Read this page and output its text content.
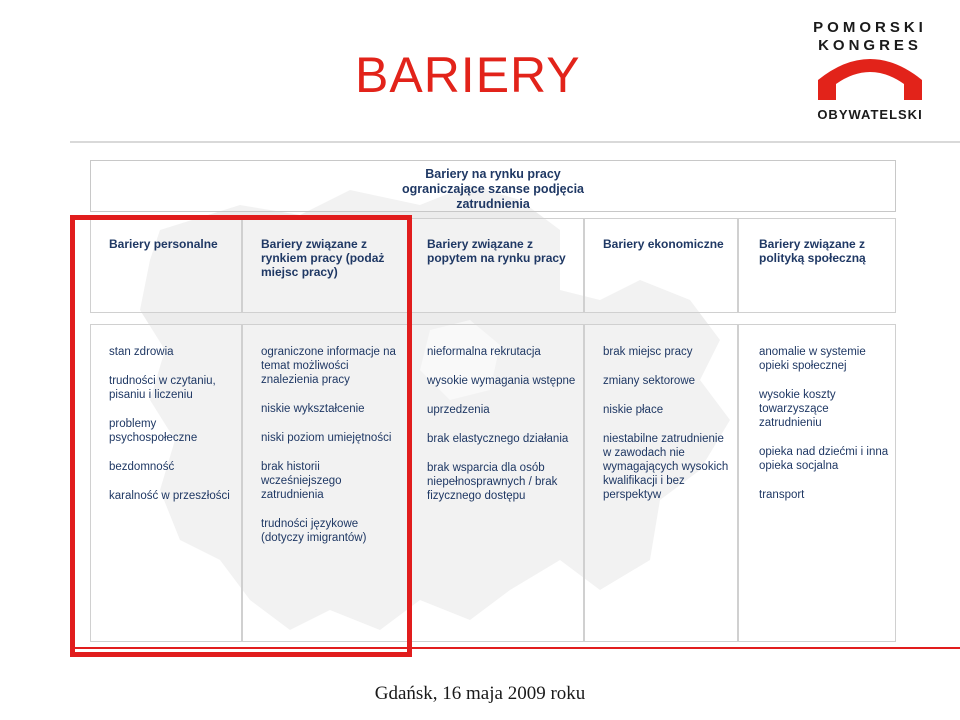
BARIERY
POMORSKI
KONGRES
OBYWATELSKI
Bariery na rynku pracy ograniczające szanse podjęcia zatrudnienia
Bariery personalne	Bariery związane z rynkiem pracy (podaż miejsc pracy)
Bariery związane z popytem na rynku pracy
Bariery ekonomiczne	Bariery związane z polityką społeczną
stan zdrowia
trudności w czytaniu, pisaniu i liczeniu
problemy psychospołeczne
bezdomność
karalność w przeszłości
ograniczone informacje na temat możliwości znalezienia pracy
niskie wykształcenie
niski poziom umiejętności
brak historii wcześniejszego zatrudnienia
trudności językowe (dotyczy imigrantów)
nieformalna rekrutacja
wysokie wymagania wstępne
uprzedzenia
brak elastycznego działania
brak wsparcia dla osób niepełnosprawnych / brak fizycznego dostępu
brak miejsc pracy
zmiany sektorowe
niskie płace
niestabilne zatrudnienie w zawodach nie wymagających wysokich kwalifikacji i bez perspektyw
anomalie w systemie opieki społecznej
wysokie koszty towarzyszące zatrudnieniu
opieka nad dziećmi i inna opieka socjalna
transport
Gdańsk, 16 maja 2009 roku
